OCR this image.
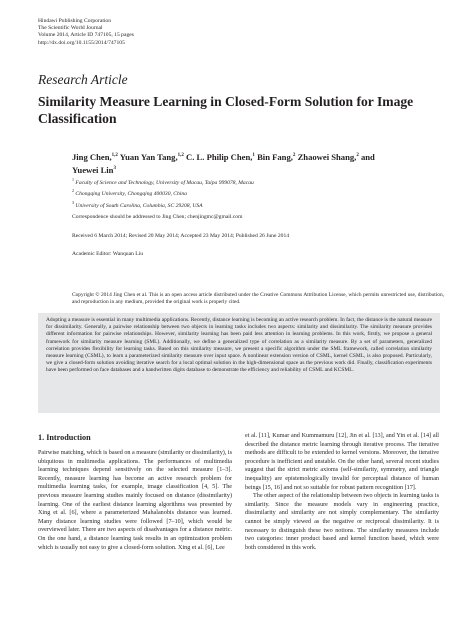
Hindawi Publishing Corporation
The Scientific World Journal
Volume 2014, Article ID 747105, 15 pages
http://dx.doi.org/10.1155/2014/747105
Research Article
Similarity Measure Learning in Closed-Form Solution for Image Classification
Jing Chen,$^{1,2}$ Yuan Yan Tang,$^{1,2}$ C. L. Philip Chen,$^1$ Bin Fang,$^2$ Zhaowei Shang,$^2$ and Yuewei Lin$^3$
$^1$ Faculty of Science and Technology, University of Macau, Taipa 999078, Macau
$^2$ Chongqing University, Chongqing 400030, China
$^3$ University of South Carolina, Columbia, SC 29208, USA
Correspondence should be addressed to Jing Chen; chenjingmc@gmail.com
Received 6 March 2014; Revised 20 May 2014; Accepted 23 May 2014; Published 26 June 2014
Academic Editor: Wanquan Liu
Copyright © 2014 Jing Chen et al. This is an open access article distributed under the Creative Commons Attribution License, which permits unrestricted use, distribution, and reproduction in any medium, provided the original work is properly cited.
Adopting a measure is essential in many multimedia applications. Recently, distance learning is becoming an active research problem. In fact, the distance is the natural measure for dissimilarity. Generally, a pairwise relationship between two objects in learning tasks includes two aspects: similarity and dissimilarity. The similarity measure provides different information for pairwise relationships. However, similarity learning has been paid less attention in learning problems. In this work, firstly, we propose a general framework for similarity measure learning (SML). Additionally, we define a generalized type of correlation as a similarity measure. By a set of parameters, generalized correlation provides flexibility for learning tasks. Based on this similarity measure, we present a specific algorithm under the SML framework, called correlation similarity measure learning (CSML), to learn a parameterized similarity measure over input space. A nonlinear extension version of CSML, kernel CSML, is also proposed. Particularly, we give a closed-form solution avoiding iterative search for a local optimal solution in the high-dimensional space as the previous work did. Finally, classification experiments have been performed on face databases and a handwritten digits database to demonstrate the efficiency and reliability of CSML and KCSML.
1. Introduction

Pairwise matching, which is based on a measure (similarity or dissimilarity), is ubiquitous in multimedia applications. The performances of multimedia learning techniques depend sensitively on the selected measure [1–3]. Recently, measure learning has become an active research problem for multimedia learning tasks, for example, image classification [4, 5]. The previous measure learning studies mainly focused on distance (dissimilarity) learning. One of the earliest distance learning algorithms was presented by Xing et al. [6], where a parameterized Mahalanobis distance was learned. Many distance learning studies were followed [7–10], which would be overviewed later. There are two aspects of disadvantages for a distance metric. On the one hand, a distance learning task results in an optimization problem which is usually not easy to give a closed-form solution. Xing et al. [6], Lee

et al. [11], Kumar and Kummamuru [12], Jin et al. [13], and Yin et al. [14] all described the distance metric learning through iterative process. The iterative methods are difficult to be extended to kernel versions. Moreover, the iterative procedure is inefficient and unstable. On the other hand, several recent studies suggest that the strict metric axioms (self-similarity, symmetry, and triangle inequality) are epistemologically invalid for perceptual distance of human beings [15, 16] and not so suitable for robust pattern recognition [17].

The other aspect of the relationship between two objects in learning tasks is similarity. Since the measure models vary in engineering practice, dissimilarity and similarity are not simply complementary. The similarity cannot be simply viewed as the negative or reciprocal dissimilarity. It is necessary to distinguish these two notions. The similarity measures include two categories: inner product based and kernel function based, which were both considered in this work.
